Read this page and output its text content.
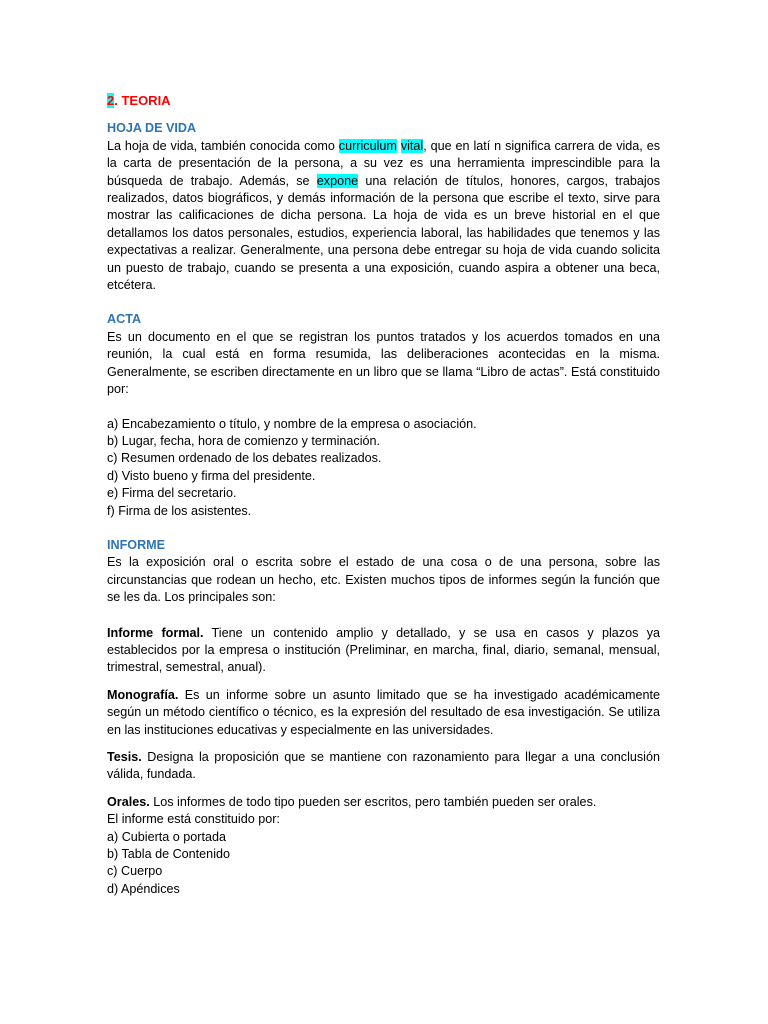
2. TEORIA
HOJA DE VIDA

La hoja de vida, también conocida como curriculum vital, que en latí n significa carrera de vida, es la carta de presentación de la persona, a su vez es una herramienta imprescindible para la búsqueda de trabajo. Además, se expone una relación de títulos, honores, cargos, trabajos realizados, datos biográficos, y demás información de la persona que escribe el texto, sirve para mostrar las calificaciones de dicha persona. La hoja de vida es un breve historial en el que detallamos los datos personales, estudios, experiencia laboral, las habilidades que tenemos y las expectativas a realizar. Generalmente, una persona debe entregar su hoja de vida cuando solicita un puesto de trabajo, cuando se presenta a una exposición, cuando aspira a obtener una beca, etcétera.

ACTA

Es un documento en el que se registran los puntos tratados y los acuerdos tomados en una reunión, la cual está en forma resumida, las deliberaciones acontecidas en la misma. Generalmente, se escriben directamente en un libro que se llama “Libro de actas”. Está constituido por:

a) Encabezamiento o título, y nombre de la empresa o asociación.
b) Lugar, fecha, hora de comienzo y terminación.
c) Resumen ordenado de los debates realizados.
d) Visto bueno y firma del presidente.
e) Firma del secretario.
f) Firma de los asistentes.
INFORME

Es la exposición oral o escrita sobre el estado de una cosa o de una persona, sobre las circunstancias que rodean un hecho, etc. Existen muchos tipos de informes según la función que se les da. Los principales son:

Informe formal. Tiene un contenido amplio y detallado, y se usa en casos y plazos ya establecidos por la empresa o institución (Preliminar, en marcha, final, diario, semanal, mensual, trimestral, semestral, anual).

Monografía. Es un informe sobre un asunto limitado que se ha investigado académicamente según un método científico o técnico, es la expresión del resultado de esa investigación. Se utiliza en las instituciones educativas y especialmente en las universidades.

Tesis. Designa la proposición que se mantiene con razonamiento para llegar a una conclusión válida, fundada.

Orales. Los informes de todo tipo pueden ser escritos, pero también pueden ser orales.

El informe está constituido por:

a) Cubierta o portada
b) Tabla de Contenido
c) Cuerpo
d) Apéndices
